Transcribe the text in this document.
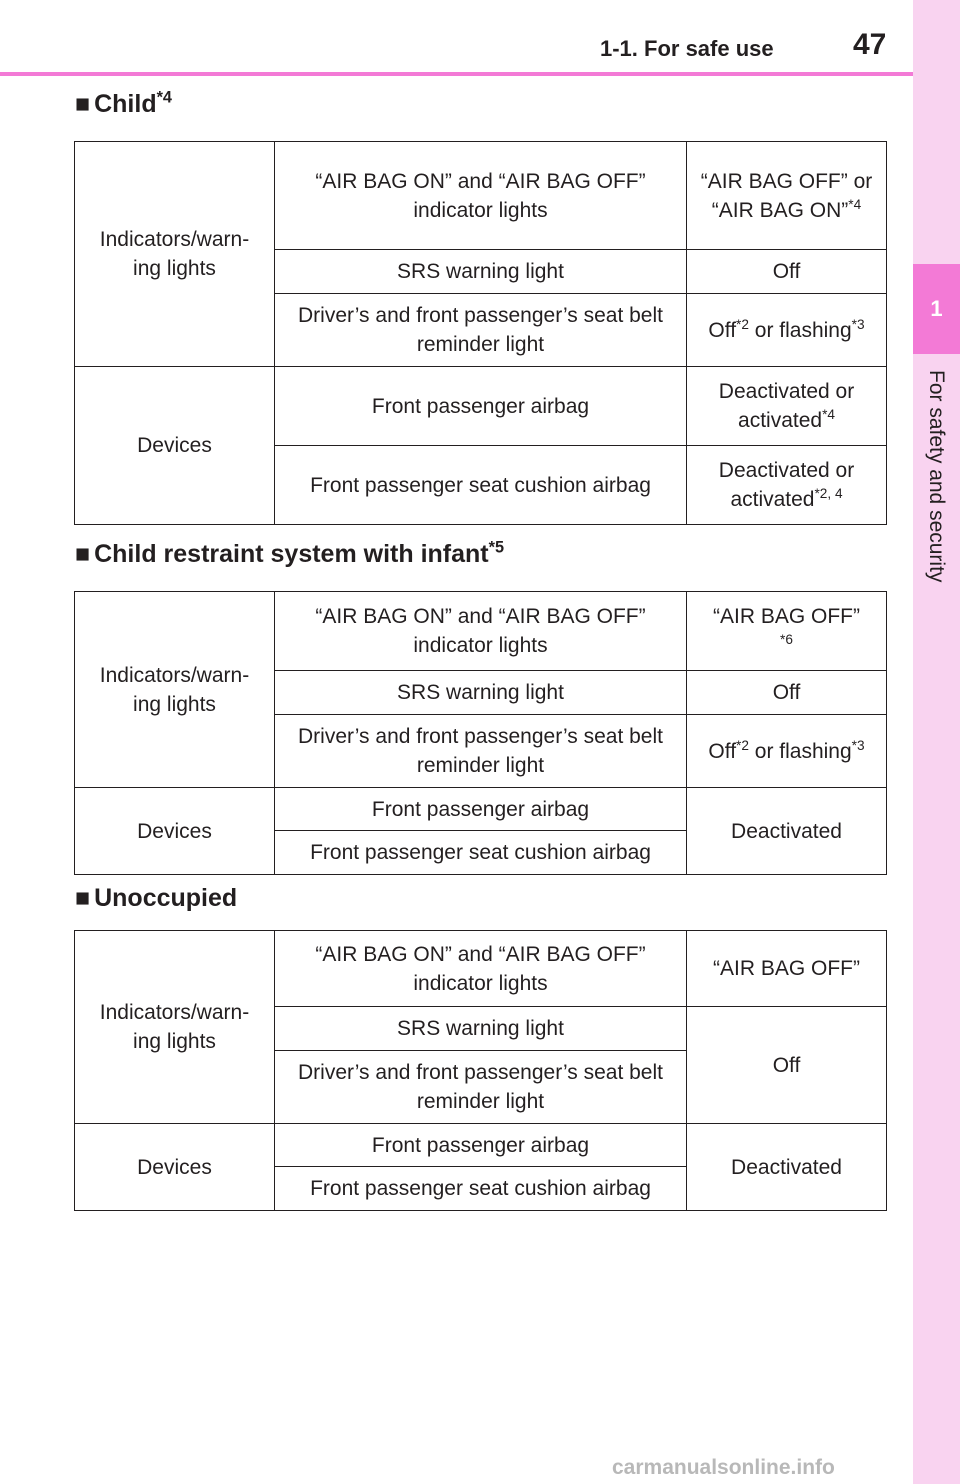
1-1. For safe use	47
1
For safety and security
■ Child$^{*4}$
Indicators/warn- ing lights	“AIR BAG ON” and “AIR BAG OFF” indicator lights	“AIR BAG OFF” or “AIR BAG ON”$^{*4}$
	SRS warning light	Off
	Driver’s and front passenger’s seat belt reminder light	Off$^{*2}$ or flashing$^{*3}$
Devices	Front passenger airbag	Deactivated or activated$^{*4}$
	Front passenger seat cushion airbag	Deactivated or activated$^{*2, 4}$
■ Child restraint system with infant$^{*5}$
Indicators/warn- ing lights	“AIR BAG ON” and “AIR BAG OFF” indicator lights	“AIR BAG OFF”
$^{*6}$
	SRS warning light	Off
	Driver’s and front passenger’s seat belt reminder light	Off$^{*2}$ or flashing$^{*3}$
Devices	Front passenger airbag	Deactivated
	Front passenger seat cushion airbag	
■ Unoccupied
Indicators/warn- ing lights	“AIR BAG ON” and “AIR BAG OFF” indicator lights	“AIR BAG OFF”
	SRS warning light	Off
	Driver’s and front passenger’s seat belt reminder light	
Devices	Front passenger airbag	Deactivated
	Front passenger seat cushion airbag	
carmanualsonline.info
